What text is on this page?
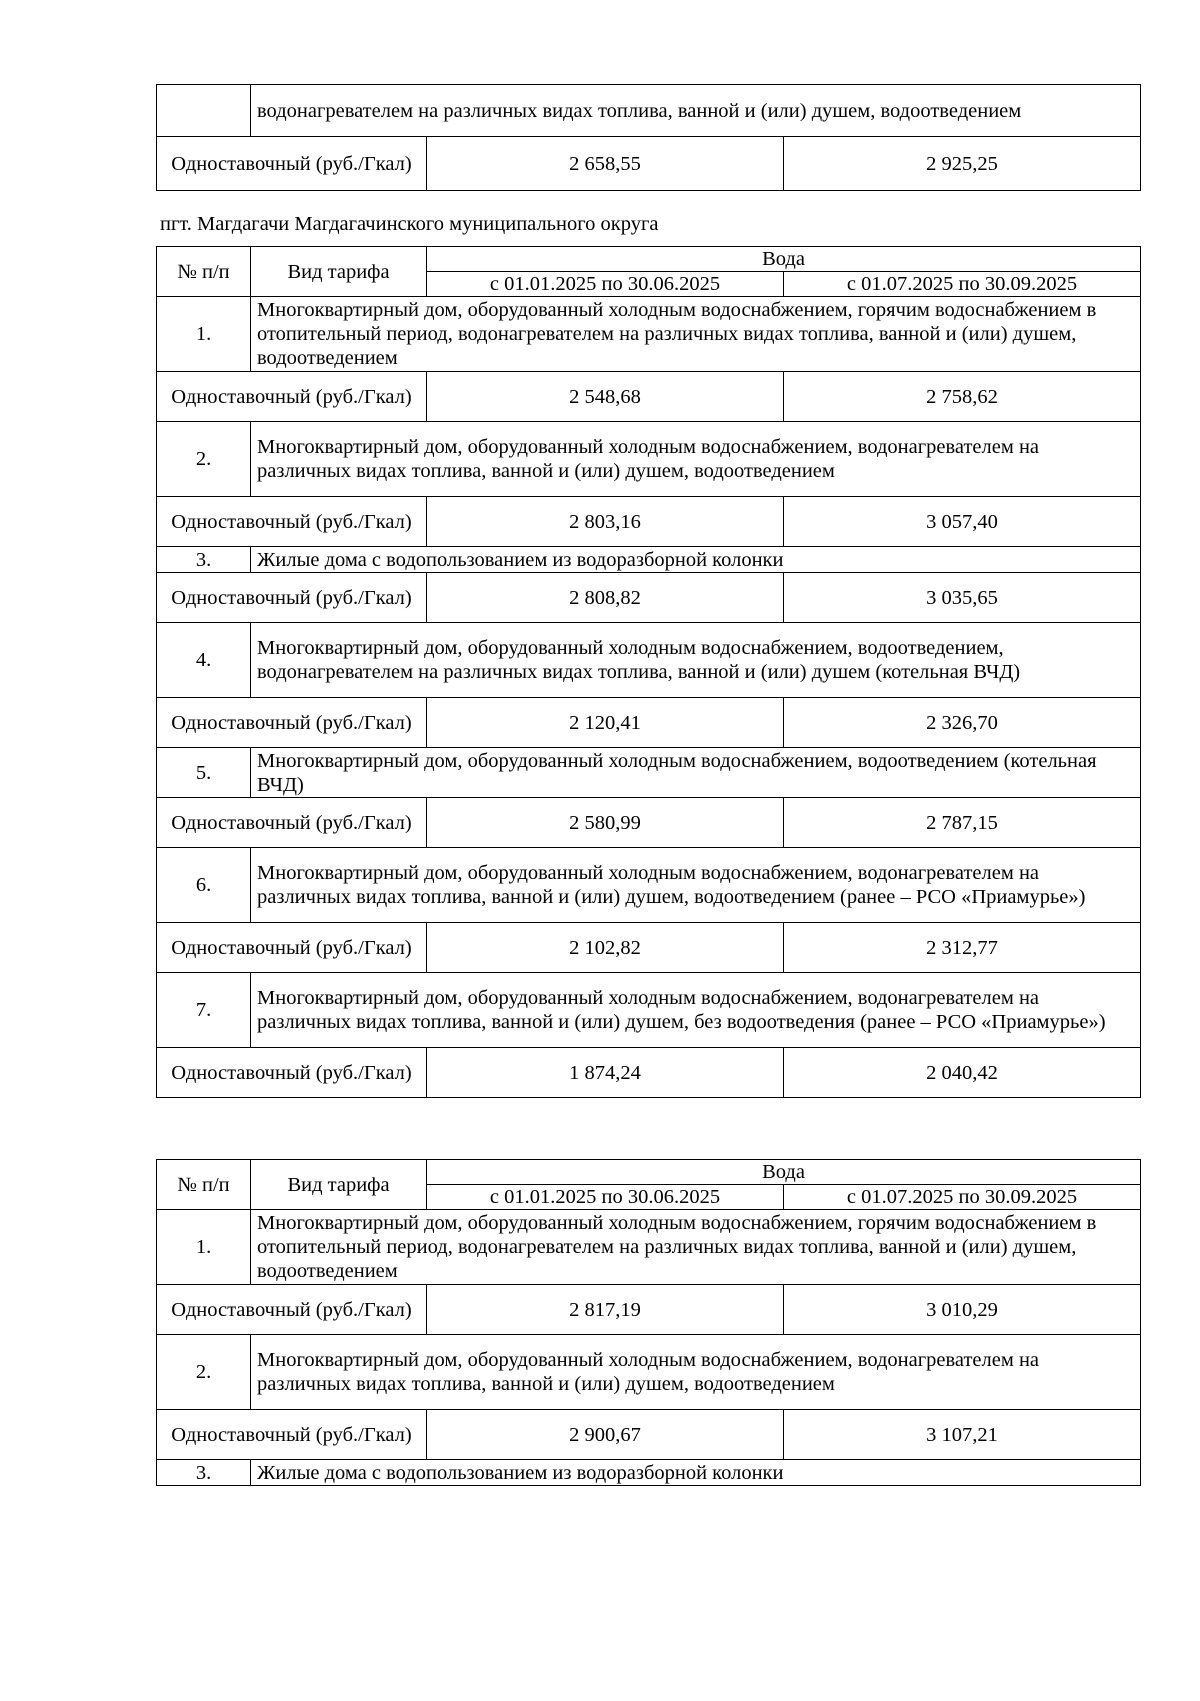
	водонагревателем на различных видах топлива, ванной и (или) душем, водоотведением		
Одноставочный (руб./Гкал)		2 658,55	2 925,25
пгт. Магдагачи Магдагачинского муниципального округа
№ п/п	Вид тарифа	Вода	
		с 01.01.2025 по 30.06.2025	с 01.07.2025 по 30.09.2025
1.	Многоквартирный дом, оборудованный холодным водоснабжением, горячим водоснабжением в отопительный период, водонагревателем на различных видах топлива, ванной и (или) душем, водоотведением		
Одноставочный (руб./Гкал)		2 548,68	2 758,62
2.	Многоквартирный дом, оборудованный холодным водоснабжением, водонагревателем на различных видах топлива, ванной и (или) душем, водоотведением		
Одноставочный (руб./Гкал)		2 803,16	3 057,40
3.	Жилые дома с водопользованием из водоразборной колонки		
Одноставочный (руб./Гкал)		2 808,82	3 035,65
4.	Многоквартирный дом, оборудованный холодным водоснабжением, водоотведением, водонагревателем на различных видах топлива, ванной и (или) душем (котельная ВЧД)		
Одноставочный (руб./Гкал)		2 120,41	2 326,70
5.	Многоквартирный дом, оборудованный холодным водоснабжением, водоотведением (котельная ВЧД)		
Одноставочный (руб./Гкал)		2 580,99	2 787,15
6.	Многоквартирный дом, оборудованный холодным водоснабжением, водонагревателем на различных видах топлива, ванной и (или) душем, водоотведением (ранее – РСО «Приамурье»)		
Одноставочный (руб./Гкал)		2 102,82	2 312,77
7.	Многоквартирный дом, оборудованный холодным водоснабжением, водонагревателем на различных видах топлива, ванной и (или) душем, без водоотведения (ранее – РСО «Приамурье»)		
Одноставочный (руб./Гкал)		1 874,24	2 040,42
№ п/п	Вид тарифа	Вода	
		с 01.01.2025 по 30.06.2025	с 01.07.2025 по 30.09.2025
1.	Многоквартирный дом, оборудованный холодным водоснабжением, горячим водоснабжением в отопительный период, водонагревателем на различных видах топлива, ванной и (или) душем, водоотведением		
Одноставочный (руб./Гкал)		2 817,19	3 010,29
2.	Многоквартирный дом, оборудованный холодным водоснабжением, водонагревателем на различных видах топлива, ванной и (или) душем, водоотведением		
Одноставочный (руб./Гкал)		2 900,67	3 107,21
3.	Жилые дома с водопользованием из водоразборной колонки		
